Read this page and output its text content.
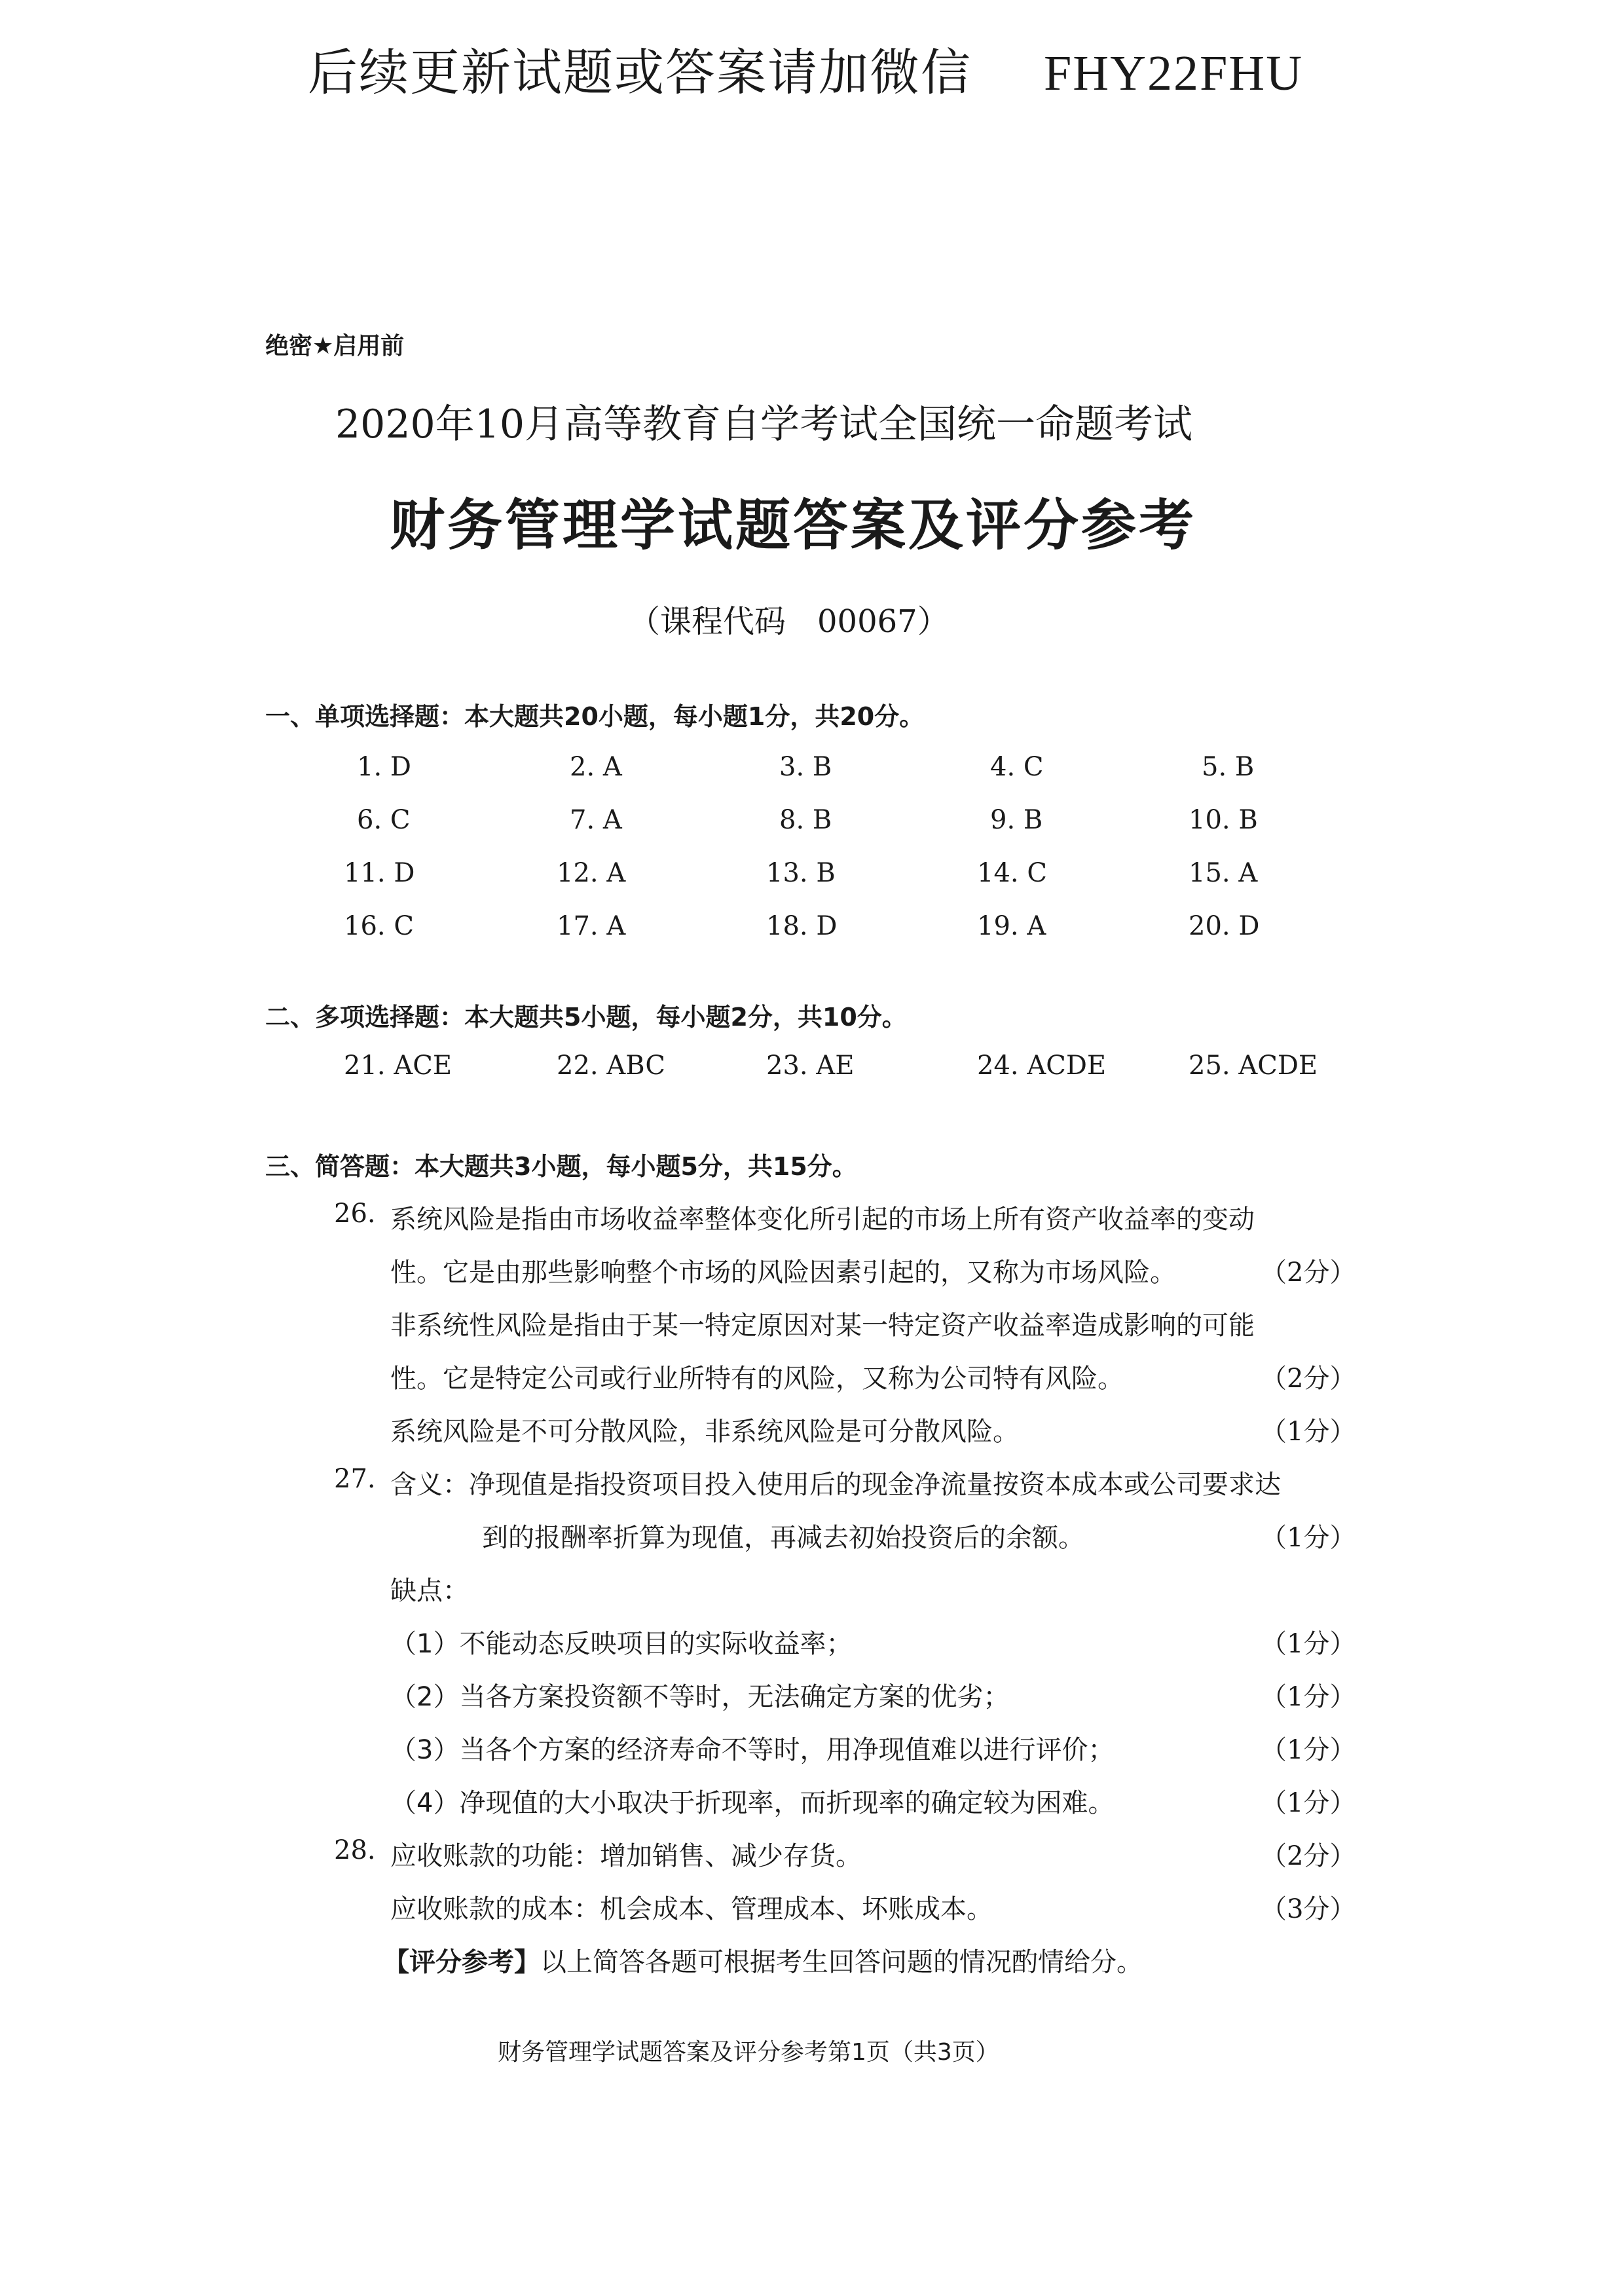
后续更新试题或答案请加微信 FHY22FHU
绝密★启用前
2020年10月高等教育自学考试全国统一命题考试
财务管理学试题答案及评分参考
（课程代码　00067）
一、单项选择题：本大题共20小题，每小题1分，共20分。
1. D	2. A	3. B	4. C	5. B
6. C	7. A	8. B	9. B	10. B
11. D	12. A	13. B	14. C	15. A
16. C	17. A	18. D	19. A	20. D
二、多项选择题：本大题共5小题，每小题2分，共10分。
21. ACE	22. ABC	23. AE	24. ACDE	25. ACDE
三、简答题：本大题共3小题，每小题5分，共15分。
26. 系统风险是指由市场收益率整体变化所引起的市场上所有资产收益率的变动
性。它是由那些影响整个市场的风险因素引起的，又称为市场风险。	（2分）
非系统性风险是指由于某一特定原因对某一特定资产收益率造成影响的可能
性。它是特定公司或行业所特有的风险，又称为公司特有风险。	（2分）
系统风险是不可分散风险，非系统风险是可分散风险。	（1分）
27. 含义：净现值是指投资项目投入使用后的现金净流量按资本成本或公司要求达
到的报酬率折算为现值，再减去初始投资后的余额。	（1分）
缺点：
（1）不能动态反映项目的实际收益率；	（1分）
（2）当各方案投资额不等时，无法确定方案的优劣；	（1分）
（3）当各个方案的经济寿命不等时，用净现值难以进行评价；	（1分）
（4）净现值的大小取决于折现率，而折现率的确定较为困难。	（1分）
28. 应收账款的功能：增加销售、减少存货。	（2分）
应收账款的成本：机会成本、管理成本、坏账成本。	（3分）
【评分参考】以上简答各题可根据考生回答问题的情况酌情给分。
财务管理学试题答案及评分参考第1页（共3页）
